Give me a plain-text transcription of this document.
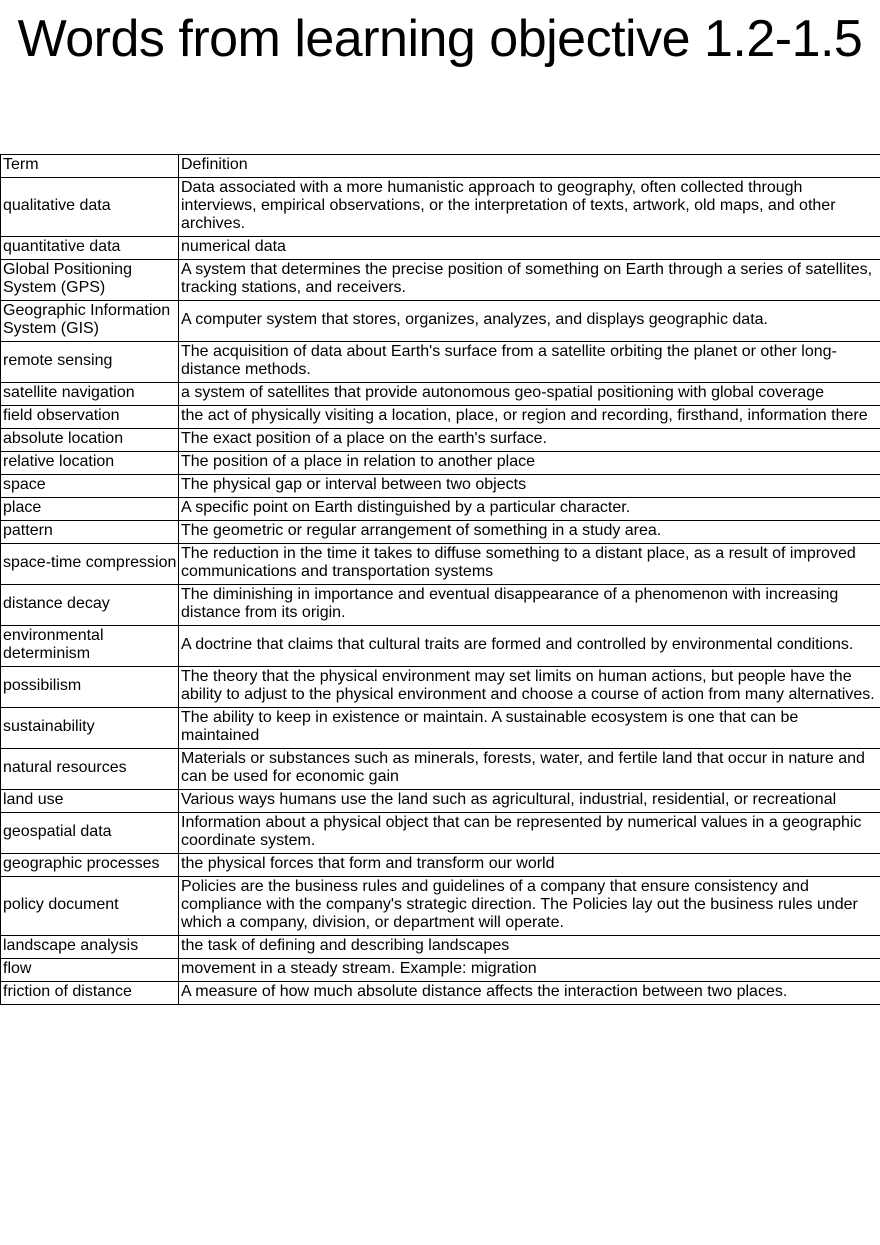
Words from learning objective 1.2-1.5
Term	Definition
qualitative data	Data associated with a more humanistic approach to geography, often collected through interviews, empirical observations, or the interpretation of texts, artwork, old maps, and other archives.
quantitative data	numerical data
Global Positioning System (GPS)	A system that determines the precise position of something on Earth through a series of satellites, tracking stations, and receivers.
Geographic Information System (GIS)	A computer system that stores, organizes, analyzes, and displays geographic data.
remote sensing	The acquisition of data about Earth's surface from a satellite orbiting the planet or other long-distance methods.
satellite navigation	a system of satellites that provide autonomous geo-spatial positioning with global coverage
field observation	the act of physically visiting a location, place, or region and recording, firsthand, information there
absolute location	The exact position of a place on the earth's surface.
relative location	The position of a place in relation to another place
space	The physical gap or interval between two objects
place	A specific point on Earth distinguished by a particular character.
pattern	The geometric or regular arrangement of something in a study area.
space-time compression	The reduction in the time it takes to diffuse something to a distant place, as a result of improved communications and transportation systems
distance decay	The diminishing in importance and eventual disappearance of a phenomenon with increasing distance from its origin.
environmental determinism	A doctrine that claims that cultural traits are formed and controlled by environmental conditions.
possibilism	The theory that the physical environment may set limits on human actions, but people have the ability to adjust to the physical environment and choose a course of action from many alternatives.
sustainability	The ability to keep in existence or maintain. A sustainable ecosystem is one that can be maintained
natural resources	Materials or substances such as minerals, forests, water, and fertile land that occur in nature and can be used for economic gain
land use	Various ways humans use the land such as agricultural, industrial, residential, or recreational
geospatial data	Information about a physical object that can be represented by numerical values in a geographic coordinate system.
geographic processes	the physical forces that form and transform our world
policy document	Policies are the business rules and guidelines of a company that ensure consistency and compliance with the company's strategic direction. The Policies lay out the business rules under which a company, division, or department will operate.
landscape analysis	the task of defining and describing landscapes
flow	movement in a steady stream. Example: migration
friction of distance	A measure of how much absolute distance affects the interaction between two places.
